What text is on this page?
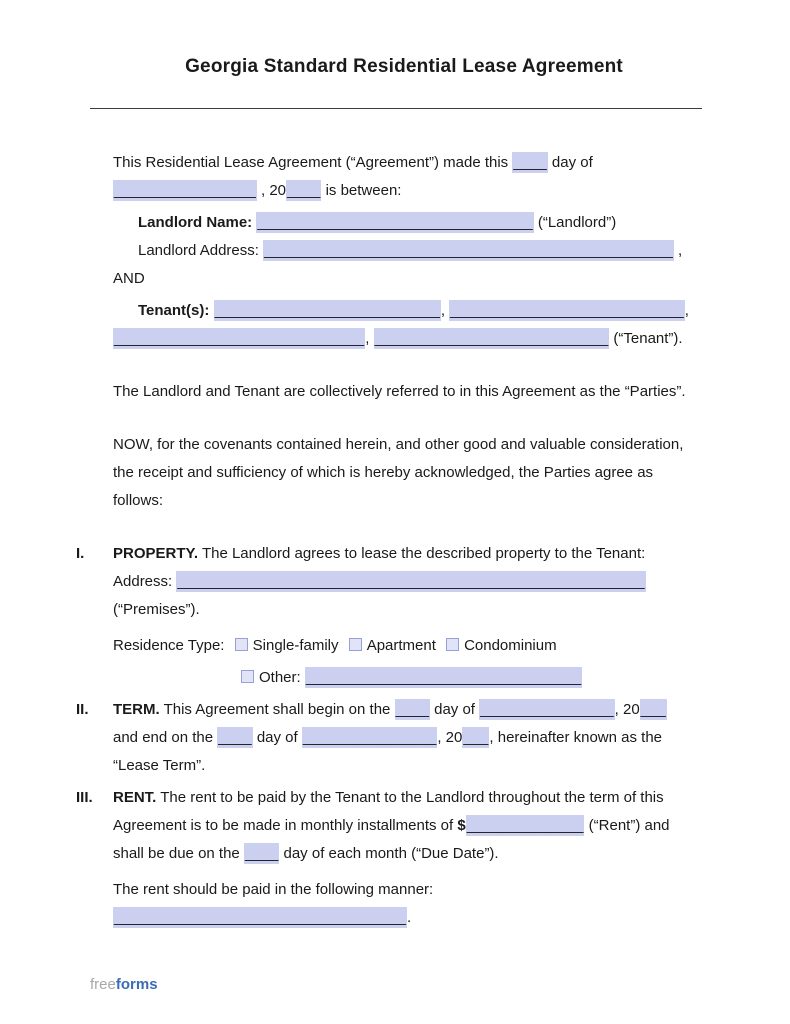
Georgia Standard Residential Lease Agreement
This Residential Lease Agreement (“Agreement”) made this ____ day of
_________________ , 20____ is between:
Landlord Name: _________________________________ (“Landlord”)
Landlord Address: _________________________________________________ ,
AND
Tenant(s): ___________________________, ____________________________,
______________________________, ____________________________ (“Tenant”).

The Landlord and Tenant are collectively referred to in this Agreement as the “Parties”.

NOW, for the covenants contained herein, and other good and valuable consideration, the receipt and sufficiency of which is hereby acknowledged, the Parties agree as follows:

I. PROPERTY. The Landlord agrees to lease the described property to the Tenant:
Address: ________________________________________________________
(“Premises”).
Residence Type: Single-family Apartment Condominium
Other: _________________________________
II. TERM. This Agreement shall begin on the ____ day of ________________, 20___ and end on the ____ day of ________________, 20___, hereinafter known as the “Lease Term”.
III. RENT. The rent to be paid by the Tenant to the Landlord throughout the term of this Agreement is to be made in monthly installments of $______________ (“Rent”) and shall be due on the ____ day of each month (“Due Date”).
The rent should be paid in the following manner:
___________________________________.
freeforms
